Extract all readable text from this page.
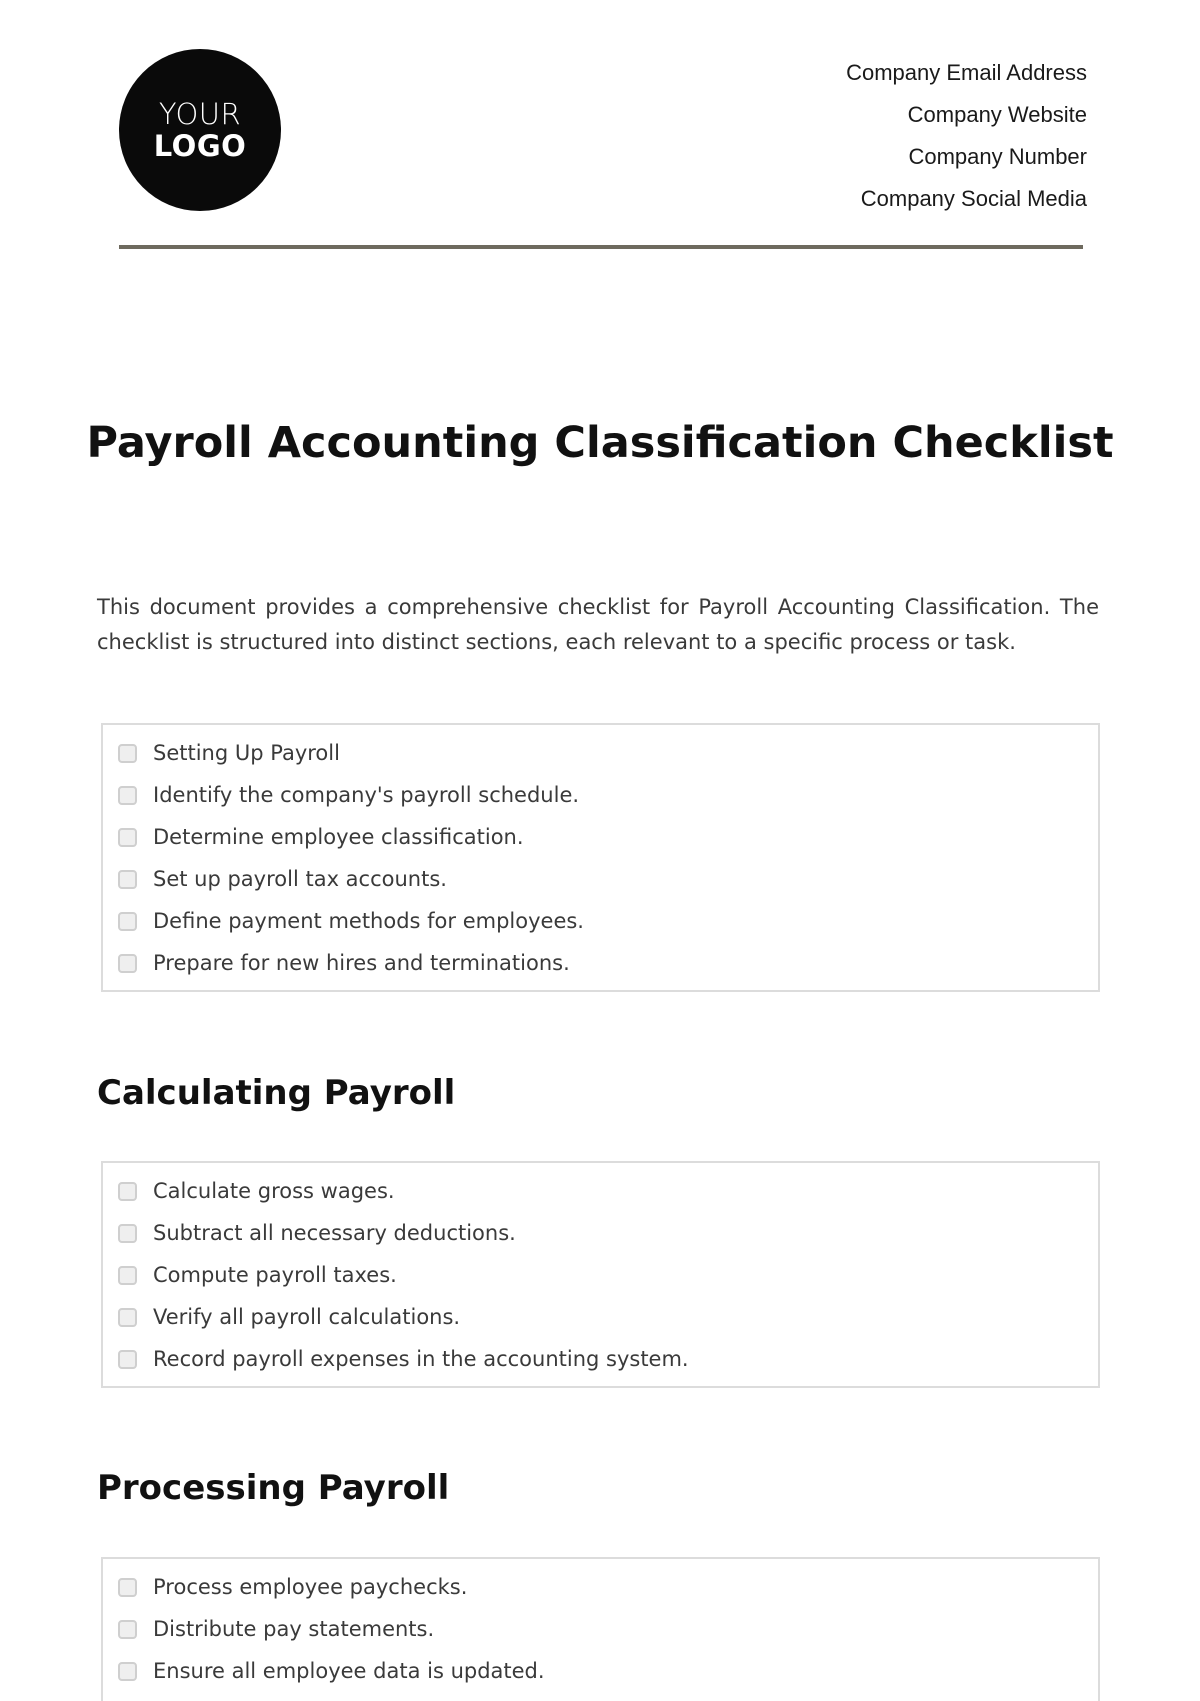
YOUR
LOGO
Company Email Address
Company Website
Company Number
Company Social Media
Payroll Accounting Classification Checklist

This document provides a comprehensive checklist for Payroll Accounting Classification. The checklist is structured into distinct sections, each relevant to a specific process or task.

Setting Up Payroll
Identify the company's payroll schedule.
Determine employee classification.
Set up payroll tax accounts.
Define payment methods for employees.
Prepare for new hires and terminations.
Calculating Payroll
Calculate gross wages.
Subtract all necessary deductions.
Compute payroll taxes.
Verify all payroll calculations.
Record payroll expenses in the accounting system.
Processing Payroll
Process employee paychecks.
Distribute pay statements.
Ensure all employee data is updated.
